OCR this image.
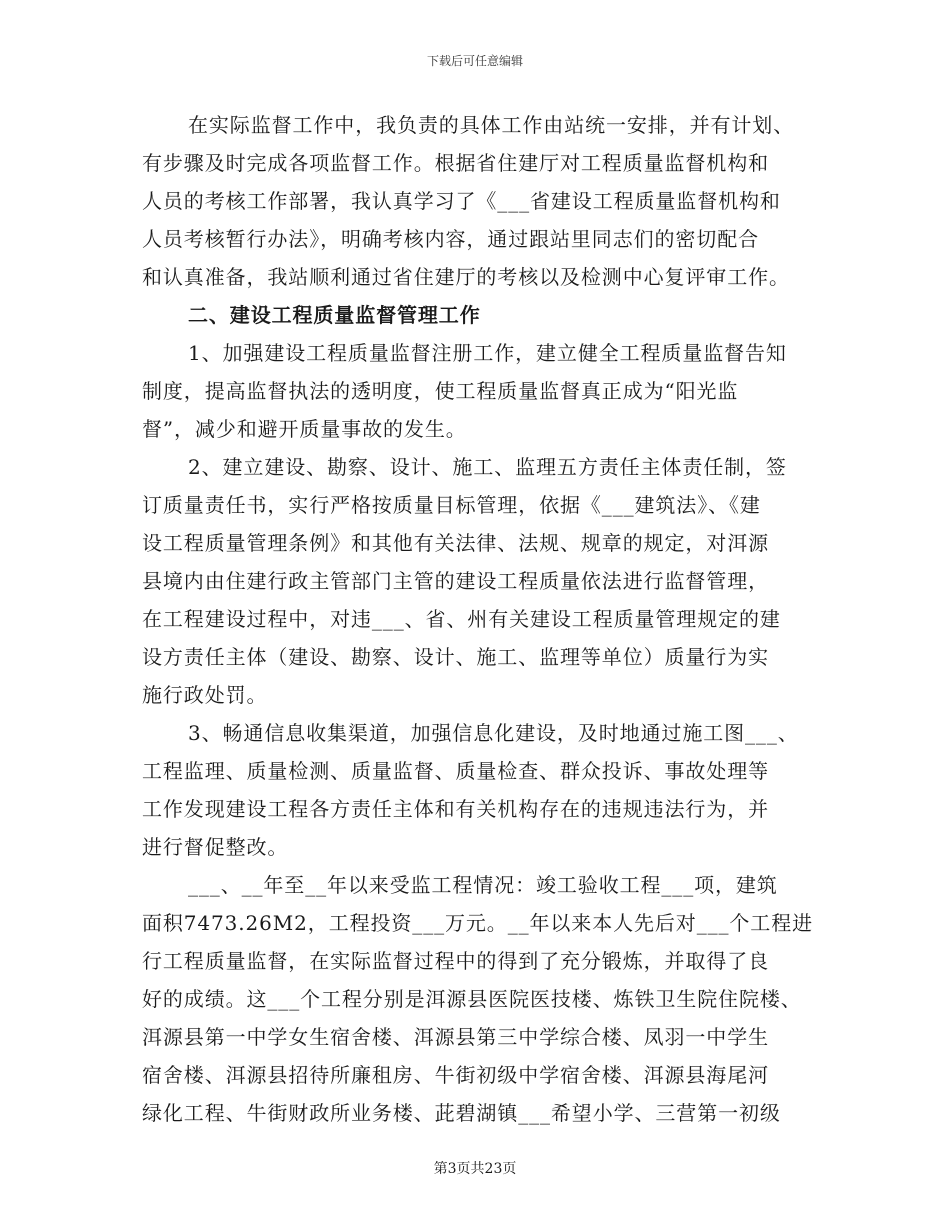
下载后可任意编辑
在实际监督工作中，我负责的具体工作由站统一安排，并有计划、
有步骤及时完成各项监督工作。根据省住建厅对工程质量监督机构和
人员的考核工作部署，我认真学习了《___省建设工程质量监督机构和
人员考核暂行办法》，明确考核内容，通过跟站里同志们的密切配合
和认真准备，我站顺利通过省住建厅的考核以及检测中心复评审工作。
二、建设工程质量监督管理工作
1、加强建设工程质量监督注册工作，建立健全工程质量监督告知
制度，提高监督执法的透明度，使工程质量监督真正成为“阳光监
督”，减少和避开质量事故的发生。
2、建立建设、勘察、设计、施工、监理五方责任主体责任制，签
订质量责任书，实行严格按质量目标管理，依据《___建筑法》、《建
设工程质量管理条例》和其他有关法律、法规、规章的规定，对洱源
县境内由住建行政主管部门主管的建设工程质量依法进行监督管理，
在工程建设过程中，对违___、省、州有关建设工程质量管理规定的建
设方责任主体（建设、勘察、设计、施工、监理等单位）质量行为实
施行政处罚。
3、畅通信息收集渠道，加强信息化建设，及时地通过施工图___、
工程监理、质量检测、质量监督、质量检查、群众投诉、事故处理等
工作发现建设工程各方责任主体和有关机构存在的违规违法行为，并
进行督促整改。
___、__年至__年以来受监工程情况：竣工验收工程___项，建筑
面积7473.26M2，工程投资___万元。__年以来本人先后对___个工程进
行工程质量监督，在实际监督过程中的得到了充分锻炼，并取得了良
好的成绩。这___个工程分别是洱源县医院医技楼、炼铁卫生院住院楼、
洱源县第一中学女生宿舍楼、洱源县第三中学综合楼、凤羽一中学生
宿舍楼、洱源县招待所廉租房、牛街初级中学宿舍楼、洱源县海尾河
绿化工程、牛街财政所业务楼、茈碧湖镇___希望小学、三营第一初级
第3页共23页
